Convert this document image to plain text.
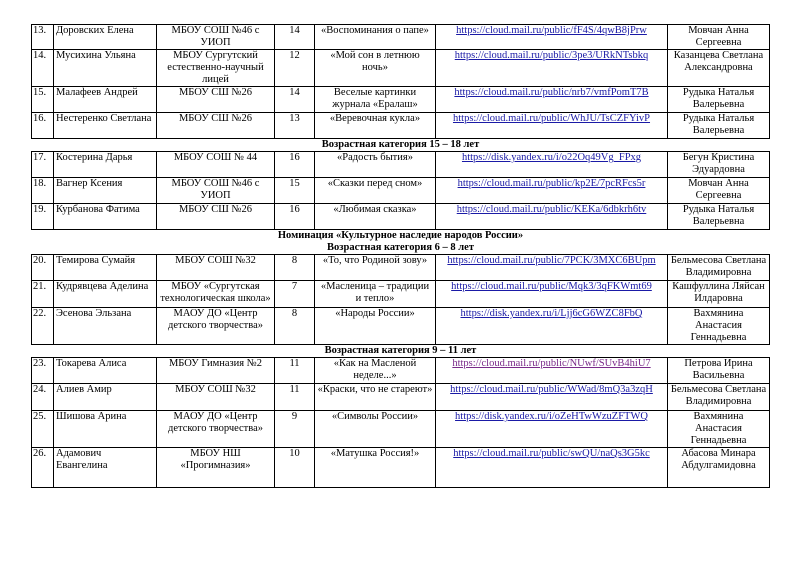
13.	Доровских Елена	МБОУ СОШ №46 с УИОП	14	«Воспоминания о папе»	https://cloud.mail.ru/public/fF4S/4qwB8jPrw	Мовчан Анна Сергеевна
14.	Мусихина Ульяна	МБОУ Сургутский естественно-научный лицей	12	«Мой сон в летнюю ночь»	https://cloud.mail.ru/public/3pe3/URkNTsbkq	Казанцева Светлана Александровна
15.	Малафеев Андрей	МБОУ СШ №26	14	Веселые картинки журнала «Ералаш»	https://cloud.mail.ru/public/nrb7/vmfPomT7B	Рудыка Наталья Валерьевна
16.	Нестеренко Светлана	МБОУ СШ №26	13	«Веревочная кукла»	https://cloud.mail.ru/public/WhJU/TsCZFYivP	Рудыка Наталья Валерьевна
Возрастная категория 15 – 18 лет						
17.	Костерина Дарья	МБОУ СОШ № 44	16	«Радость бытия»	https://disk.yandex.ru/i/o22Oq49Vg_FPxg	Бегун Кристина Эдуардовна
18.	Вагнер Ксения	МБОУ СОШ №46 с УИОП	15	«Сказки перед сном»	https://cloud.mail.ru/public/kp2E/7pcRFcs5r	Мовчан Анна Сергеевна
19.	Курбанова Фатима	МБОУ СШ №26	16	«Любимая сказка»	https://cloud.mail.ru/public/KEKa/6dbkrh6tv	Рудыка Наталья Валерьевна
Номинация «Культурное наследие народов России»						
Возрастная категория 6 – 8 лет						
20.	Темирова Сумайя	МБОУ СОШ №32	8	«То, что Родиной зову»	https://cloud.mail.ru/public/7PCK/3MXC6BUpm	Бельмесова Светлана Владимировна
21.	Кудрявцева Аделина	МБОУ «Сургутская технологическая школа»	7	«Масленица – традиции и тепло»	https://cloud.mail.ru/public/Mqk3/3qFKWmt69	Кашфуллина Ляйсан Илдаровна
22.	Эсенова Эльзана	МАОУ ДО «Центр детского творчества»	8	«Народы России»	https://disk.yandex.ru/i/Ljj6cG6WZC8FbQ	Вахмянина Анастасия Геннадьевна
Возрастная категория 9 – 11 лет						
23.	Токарева Алиса	МБОУ Гимназия №2	11	«Как на Масленой неделе...»	https://cloud.mail.ru/public/NUwf/SUvB4hiU7	Петрова Ирина Васильевна
24.	Алиев Амир	МБОУ СОШ №32	11	«Краски, что не стареют»	https://cloud.mail.ru/public/WWad/8mQ3a3zqH	Бельмесова Светлана Владимировна
25.	Шишова Арина	МАОУ ДО «Центр детского творчества»	9	«Символы России»	https://disk.yandex.ru/i/oZeHTwWzuZFTWQ	Вахмянина Анастасия Геннадьевна
26.	Адамович Евангелина	МБОУ НШ «Прогимназия»	10	«Матушка Россия!»	https://cloud.mail.ru/public/swQU/naQs3G5kc	Абасова Минара Абдулгамидовна
